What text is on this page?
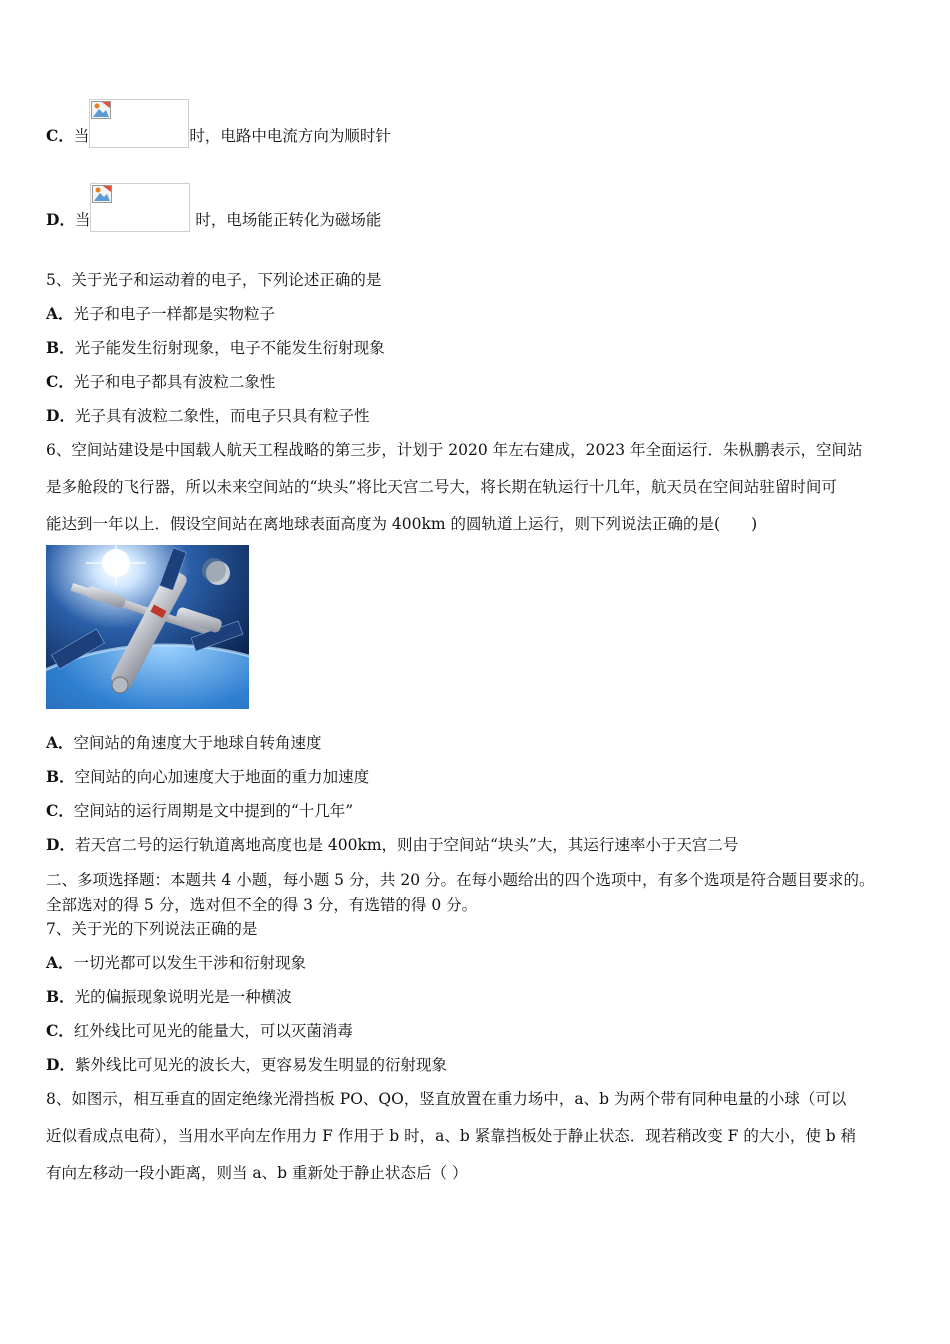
C．当	时，电路中电流方向为顺时针
D．当	时，电场能正转化为磁场能
5、关于光子和运动着的电子，下列论述正确的是
A．光子和电子一样都是实物粒子
B．光子能发生衍射现象，电子不能发生衍射现象
C．光子和电子都具有波粒二象性
D．光子具有波粒二象性，而电子只具有粒子性
6、空间站建设是中国载人航天工程战略的第三步，计划于 2020 年左右建成，2023 年全面运行．朱枞鹏表示，空间站
是多舱段的飞行器，所以未来空间站的“块头”将比天宫二号大，将长期在轨运行十几年，航天员在空间站驻留时间可
能达到一年以上．假设空间站在离地球表面高度为 400km 的圆轨道上运行，则下列说法正确的是(　　)
A．空间站的角速度大于地球自转角速度
B．空间站的向心加速度大于地面的重力加速度
C．空间站的运行周期是文中提到的“十几年”
D．若天宫二号的运行轨道离地高度也是 400km，则由于空间站“块头”大，其运行速率小于天宫二号
二、多项选择题：本题共 4 小题，每小题 5 分，共 20 分。在每小题给出的四个选项中，有多个选项是符合题目要求的。
全部选对的得 5 分，选对但不全的得 3 分，有选错的得 0 分。
7、关于光的下列说法正确的是
A．一切光都可以发生干涉和衍射现象
B．光的偏振现象说明光是一种横波
C．红外线比可见光的能量大，可以灭菌消毒
D．紫外线比可见光的波长大，更容易发生明显的衍射现象
8、如图示，相互垂直的固定绝缘光滑挡板 PO、QO，竖直放置在重力场中，a、b 为两个带有同种电量的小球（可以
近似看成点电荷），当用水平向左作用力 F 作用于 b 时，a、b 紧靠挡板处于静止状态．现若稍改变 F 的大小，使 b 稍
有向左移动一段小距离，则当 a、b 重新处于静止状态后（ ）
